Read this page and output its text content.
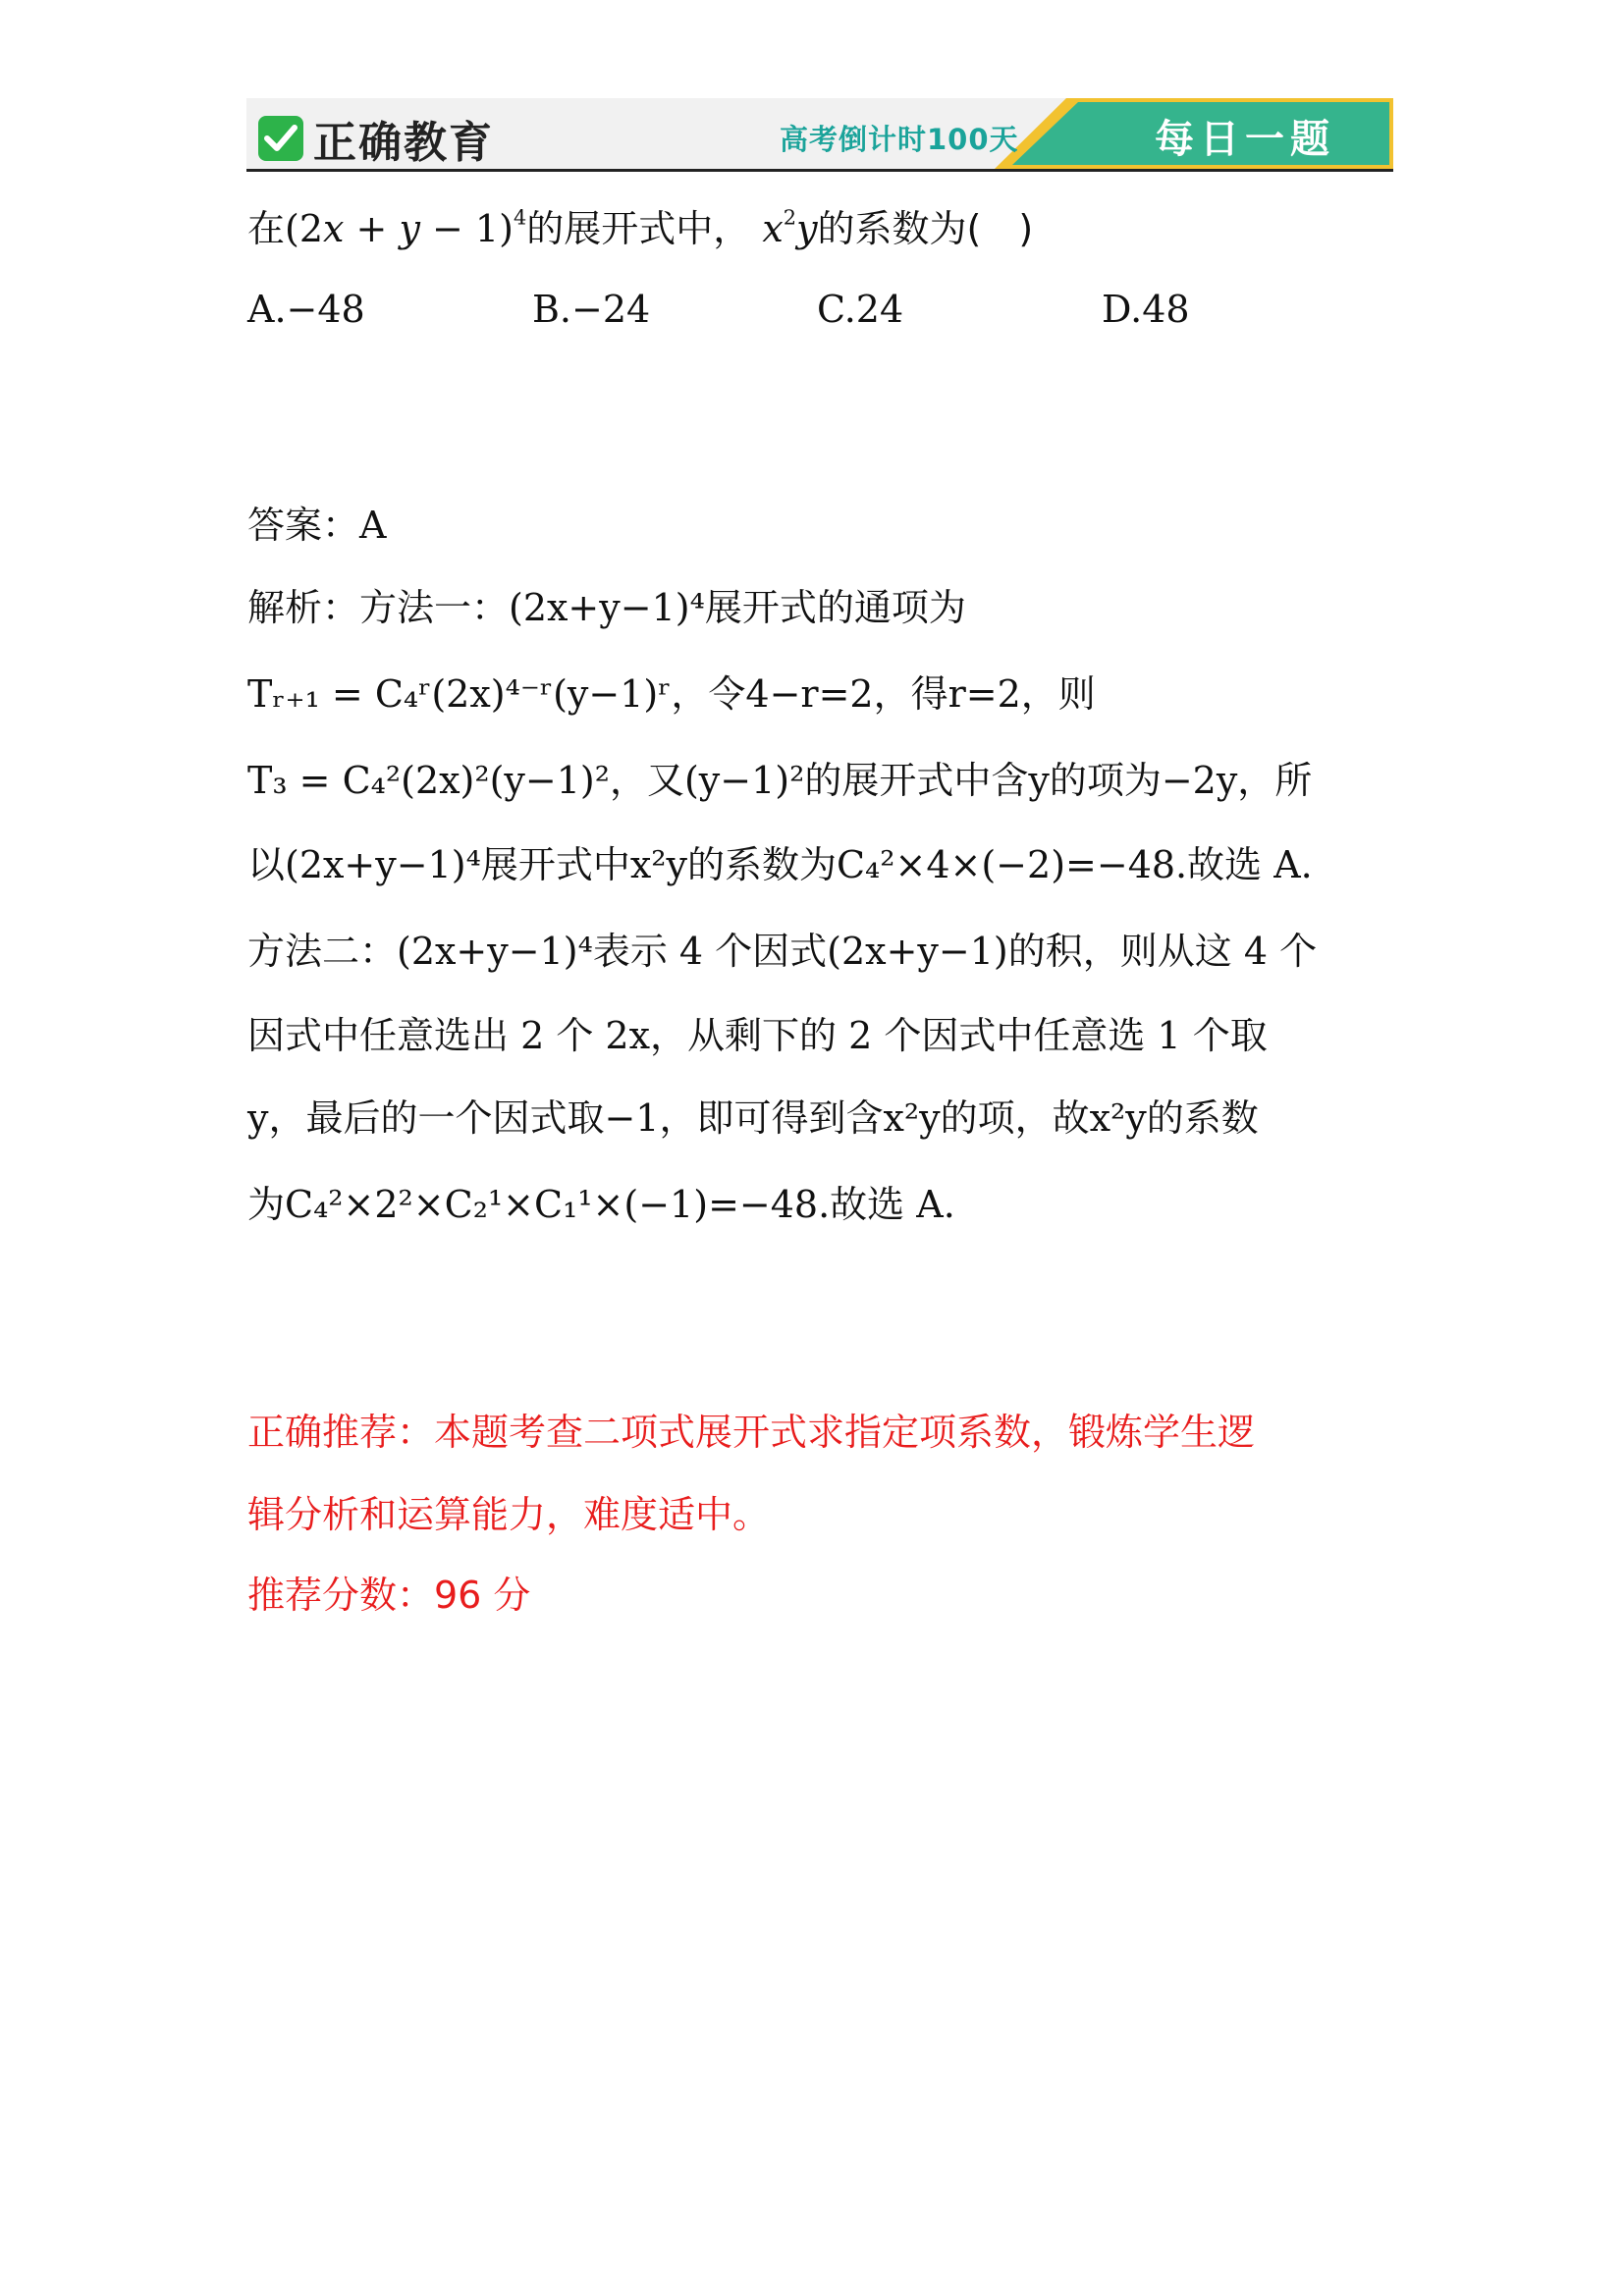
正确教育	高考倒计时100天	每日一题
在$(2x + y - 1)^4$的展开式中， $x^2y$的系数为(　)
A.−48	B.−24	C.24	D.48
答案：A
解析：方法一：(2x+y−1)⁴展开式的通项为
Tᵣ₊₁ = C₄ʳ(2x)⁴⁻ʳ(y−1)ʳ，令4−r=2，得r=2，则
T₃ = C₄²(2x)²(y−1)²，又(y−1)²的展开式中含y的项为−2y，所
以(2x+y−1)⁴展开式中x²y的系数为C₄²×4×(−2)=−48.故选 A.
方法二：(2x+y−1)⁴表示 4 个因式(2x+y−1)的积，则从这 4 个
因式中任意选出 2 个 2x，从剩下的 2 个因式中任意选 1 个取
y，最后的一个因式取−1，即可得到含x²y的项，故x²y的系数
为C₄²×2²×C₂¹×C₁¹×(−1)=−48.故选 A.
正确推荐：本题考查二项式展开式求指定项系数，锻炼学生逻
辑分析和运算能力，难度适中。
推荐分数：96 分
